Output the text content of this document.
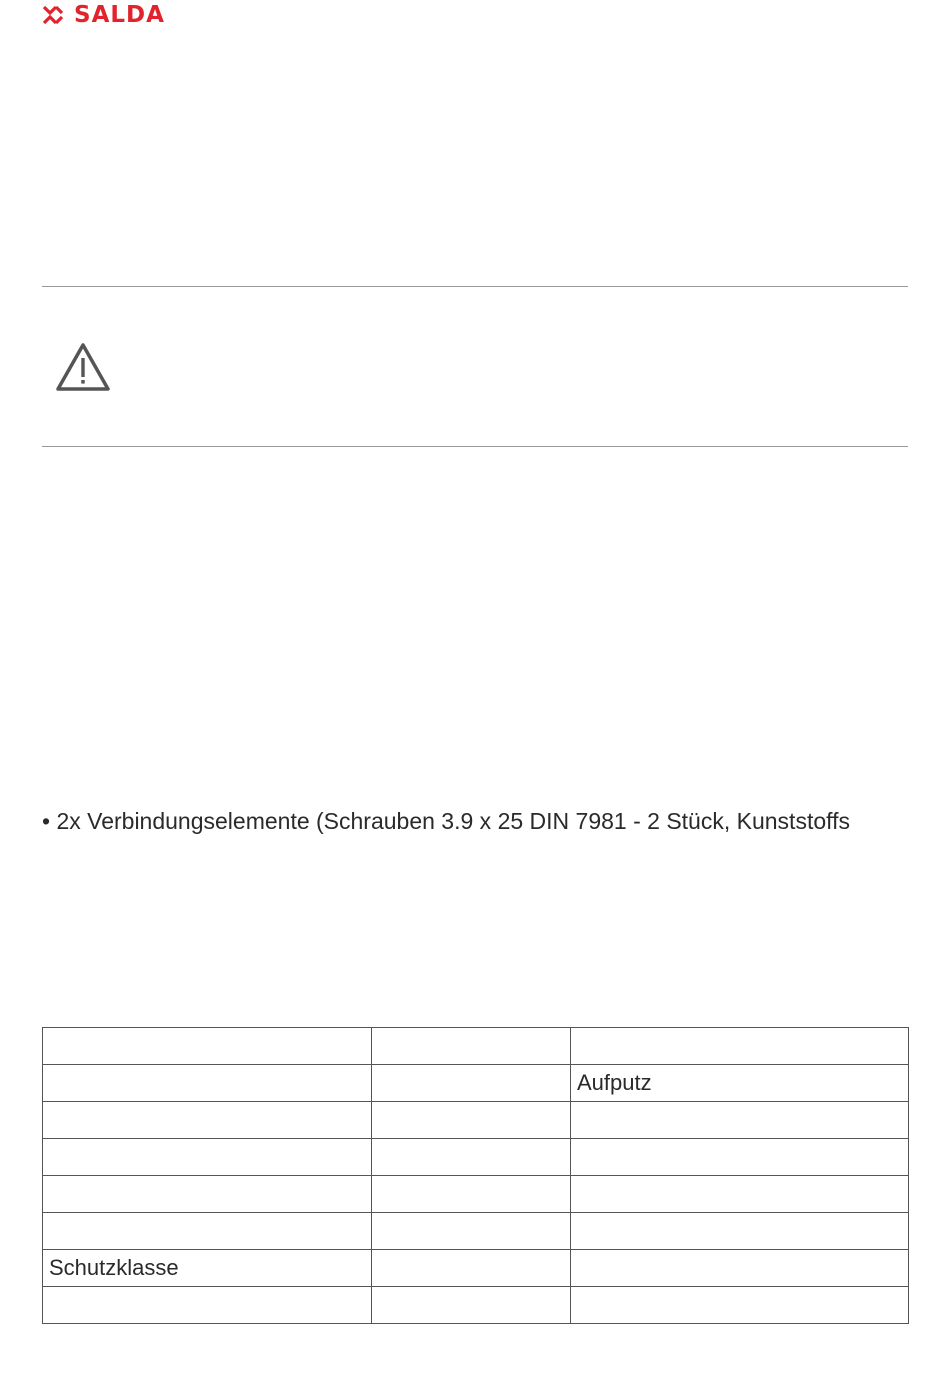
SALDA
• 2x Verbindungselemente (Schrauben 3.9 x 25 DIN 7981 - 2 Stück, Kunststoffs

		Aufputz

Schutzklasse		
